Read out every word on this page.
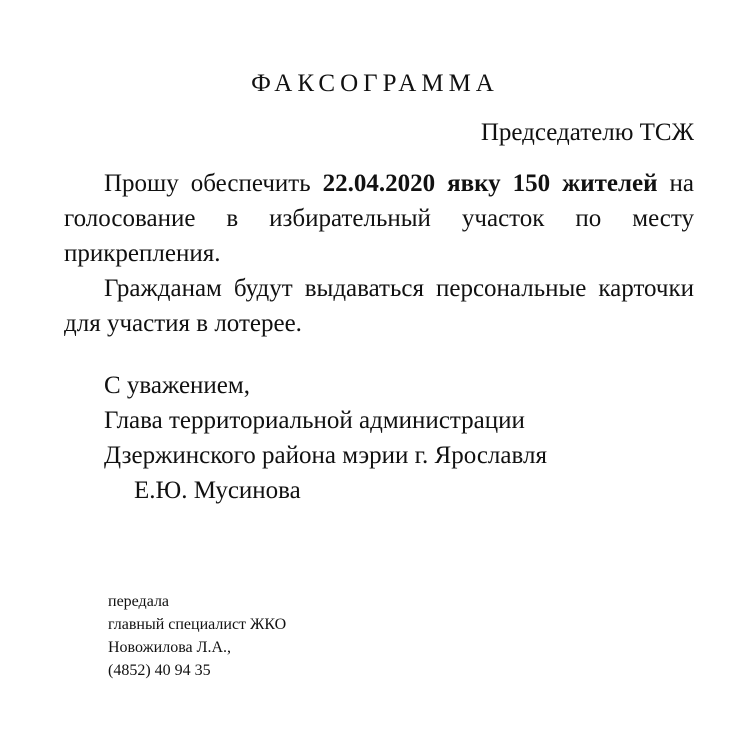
ФАКСОГРАММА
Председателю ТСЖ

Прошу обеспечить 22.04.2020 явку 150 жителей на голосование в избирательный участок по месту прикрепления.

Гражданам будут выдаваться персональные карточки для участия в лотерее.

С уважением,
Глава территориальной администрации
Дзержинского района мэрии г. Ярославля
Е.Ю. Мусинова
передала
главный специалист ЖКО
Новожилова Л.А.,
(4852) 40 94 35
